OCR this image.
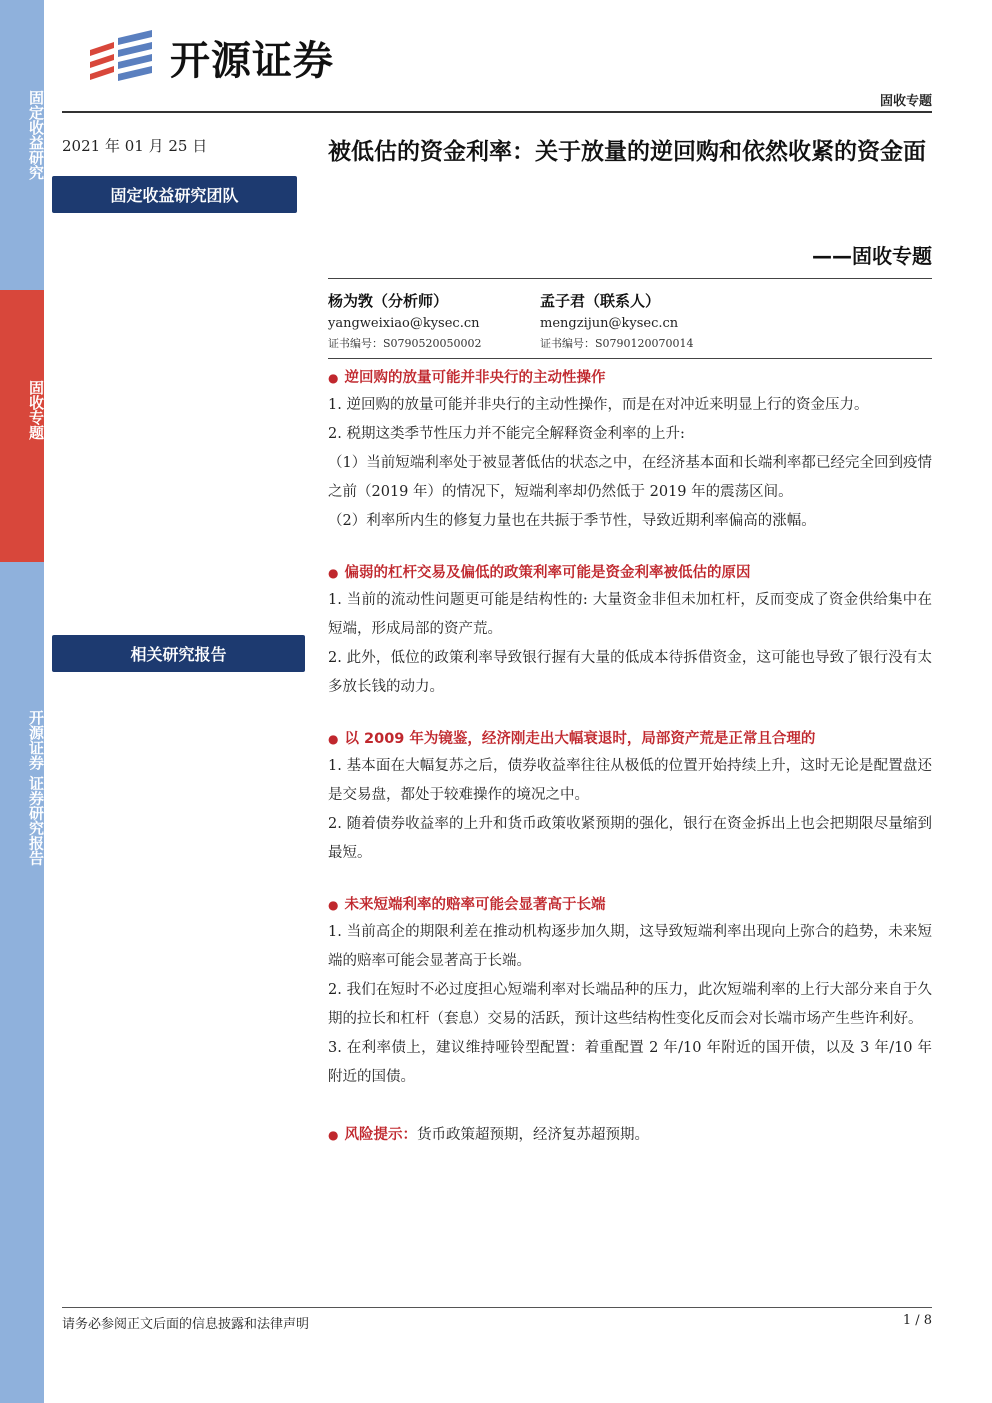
固定收益研究
固收专题
开源证券 证券研究报告
开源证券
固收专题
2021 年 01 月 25 日
固定收益研究团队
相关研究报告
被低估的资金利率：关于放量的逆回购和依然收紧的资金面
——固收专题
杨为敩（分析师）
yangweixiao@kysec.cn
证书编号：S0790520050002
孟子君（联系人）
mengzijun@kysec.cn
证书编号：S0790120070014
● 逆回购的放量可能并非央行的主动性操作
1. 逆回购的放量可能并非央行的主动性操作，而是在对冲近来明显上行的资金压力。
2. 税期这类季节性压力并不能完全解释资金利率的上升:
（1）当前短端利率处于被显著低估的状态之中，在经济基本面和长端利率都已经完全回到疫情之前（2019 年）的情况下，短端利率却仍然低于 2019 年的震荡区间。
（2）利率所内生的修复力量也在共振于季节性，导致近期利率偏高的涨幅。
● 偏弱的杠杆交易及偏低的政策利率可能是资金利率被低估的原因
1. 当前的流动性问题更可能是结构性的: 大量资金非但未加杠杆，反而变成了资金供给集中在短端，形成局部的资产荒。
2. 此外，低位的政策利率导致银行握有大量的低成本待拆借资金，这可能也导致了银行没有太多放长钱的动力。
● 以 2009 年为镜鉴，经济刚走出大幅衰退时，局部资产荒是正常且合理的
1. 基本面在大幅复苏之后，债券收益率往往从极低的位置开始持续上升，这时无论是配置盘还是交易盘，都处于较难操作的境况之中。
2. 随着债券收益率的上升和货币政策收紧预期的强化，银行在资金拆出上也会把期限尽量缩到最短。
● 未来短端利率的赔率可能会显著高于长端
1. 当前高企的期限利差在推动机构逐步加久期，这导致短端利率出现向上弥合的趋势，未来短端的赔率可能会显著高于长端。
2. 我们在短时不必过度担心短端利率对长端品种的压力，此次短端利率的上行大部分来自于久期的拉长和杠杆（套息）交易的活跃，预计这些结构性变化反而会对长端市场产生些许利好。
3. 在利率债上，建议维持哑铃型配置：着重配置 2 年/10 年附近的国开债，以及 3 年/10 年附近的国债。
● 风险提示：货币政策超预期，经济复苏超预期。
请务必参阅正文后面的信息披露和法律声明	1 / 8
